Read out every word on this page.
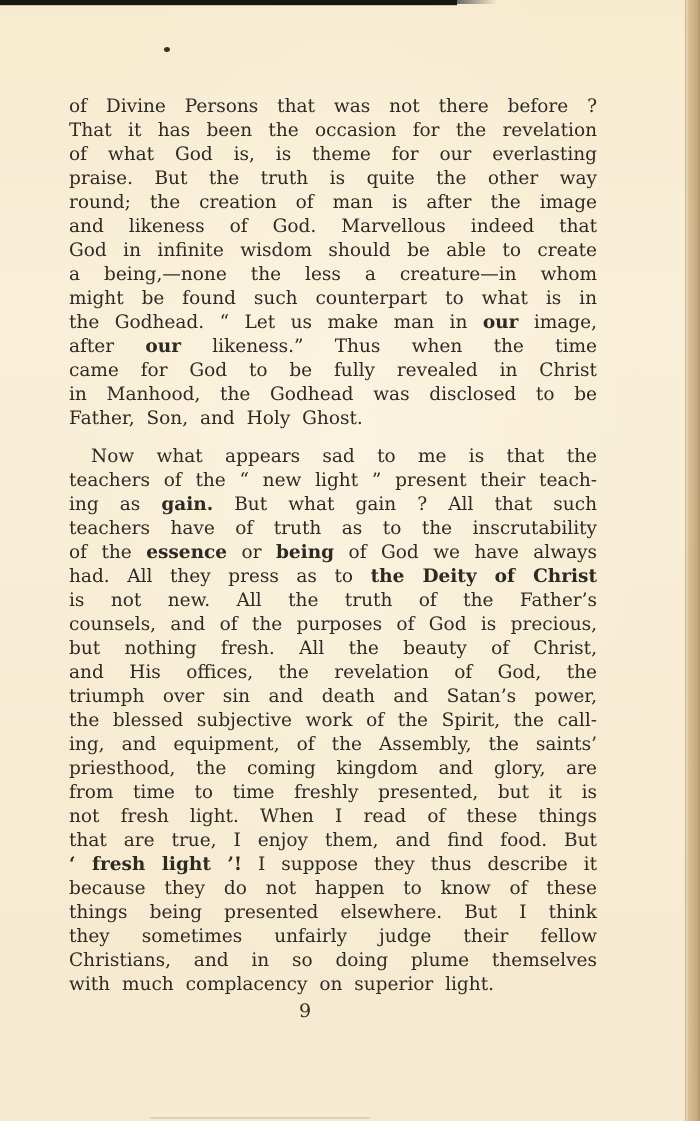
of Divine Persons that was not there before ?
That it has been the occasion for the revelation
of what God is, is theme for our everlasting
praise. But the truth is quite the other way
round; the creation of man is after the image
and likeness of God. Marvellous indeed that
God in infinite wisdom should be able to create
a being,—none the less a creature—in whom
might be found such counterpart to what is in
the Godhead. “ Let us make man in our image,
after our likeness.” Thus when the time
came for God to be fully revealed in Christ
in Manhood, the Godhead was disclosed to be
Father, Son, and Holy Ghost.
Now what appears sad to me is that the
teachers of the “ new light ” present their teach-
ing as gain. But what gain ? All that such
teachers have of truth as to the inscrutability
of the essence or being of God we have always
had. All they press as to the Deity of Christ
is not new. All the truth of the Father’s
counsels, and of the purposes of God is precious,
but nothing fresh. All the beauty of Christ,
and His offices, the revelation of God, the
triumph over sin and death and Satan’s power,
the blessed subjective work of the Spirit, the call-
ing, and equipment, of the Assembly, the saints’
priesthood, the coming kingdom and glory, are
from time to time freshly presented, but it is
not fresh light. When I read of these things
that are true, I enjoy them, and find food. But
‘ fresh light ’! I suppose they thus describe it
because they do not happen to know of these
things being presented elsewhere. But I think
they sometimes unfairly judge their fellow
Christians, and in so doing plume themselves
with much complacency on superior light.
9
